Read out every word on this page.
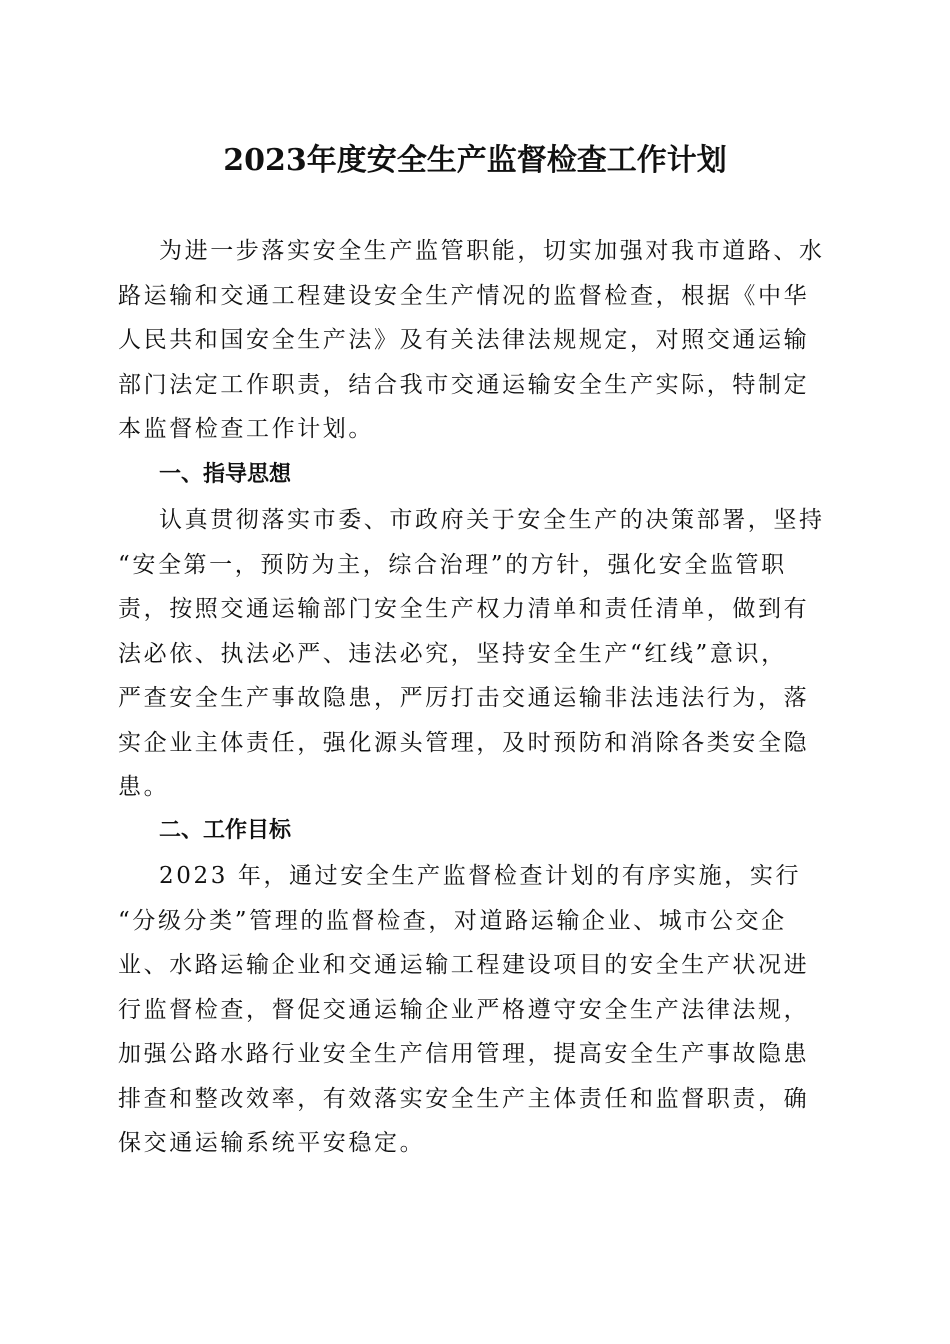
2023年度安全生产监督检查工作计划
为进一步落实安全生产监管职能，切实加强对我市道路、水
路运输和交通工程建设安全生产情况的监督检查，根据《中华
人民共和国安全生产法》及有关法律法规规定，对照交通运输
部门法定工作职责，结合我市交通运输安全生产实际，特制定
本监督检查工作计划。
一、指导思想
认真贯彻落实市委、市政府关于安全生产的决策部署，坚持
“安全第一，预防为主，综合治理”的方针，强化安全监管职
责，按照交通运输部门安全生产权力清单和责任清单，做到有
法必依、执法必严、违法必究，坚持安全生产“红线”意识，
严查安全生产事故隐患，严厉打击交通运输非法违法行为，落
实企业主体责任，强化源头管理，及时预防和消除各类安全隐
患。
二、工作目标
2023 年，通过安全生产监督检查计划的有序实施，实行
“分级分类”管理的监督检查，对道路运输企业、城市公交企
业、水路运输企业和交通运输工程建设项目的安全生产状况进
行监督检查，督促交通运输企业严格遵守安全生产法律法规，
加强公路水路行业安全生产信用管理，提高安全生产事故隐患
排查和整改效率，有效落实安全生产主体责任和监督职责，确
保交通运输系统平安稳定。
